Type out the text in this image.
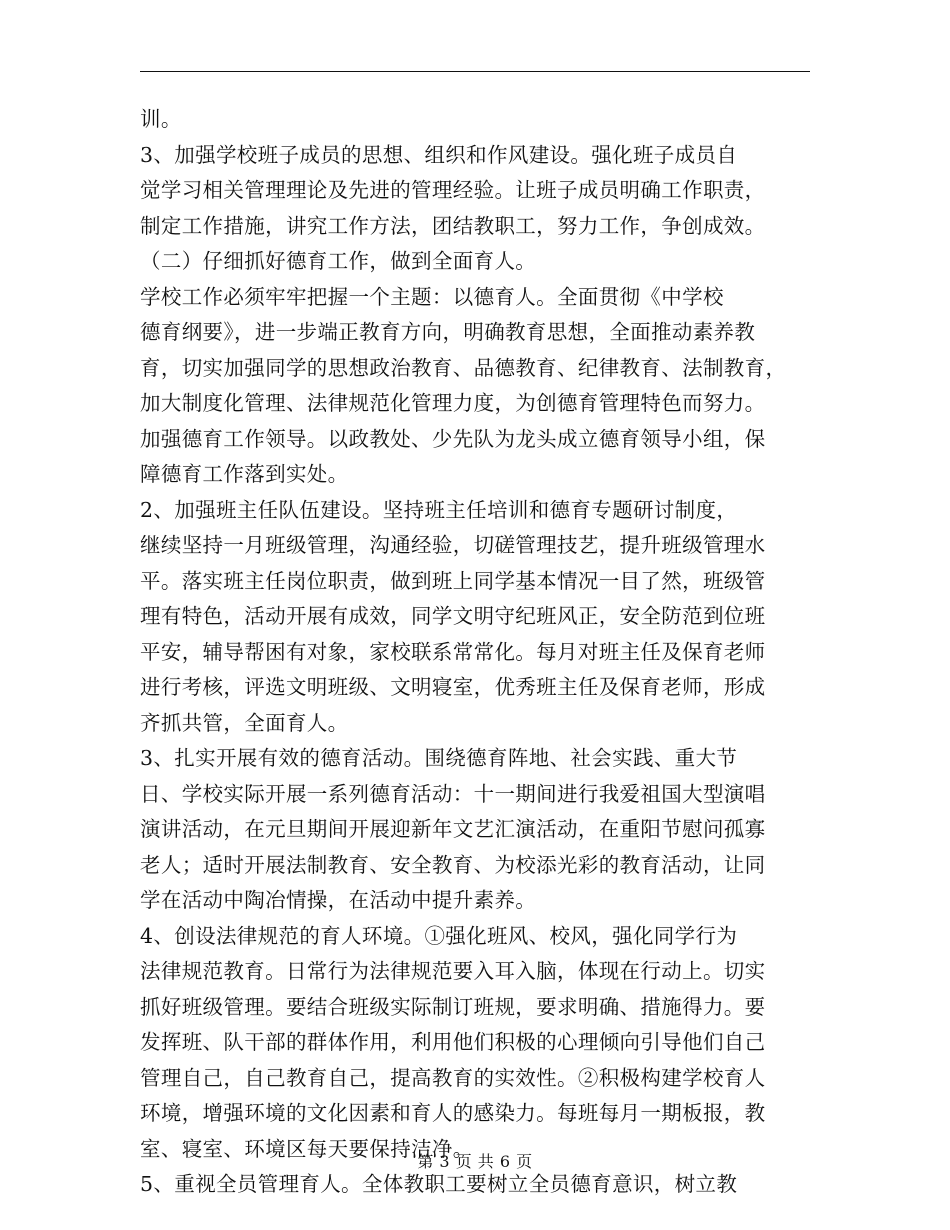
训。
3、加强学校班子成员的思想、组织和作风建设。强化班子成员自
觉学习相关管理理论及先进的管理经验。让班子成员明确工作职责，
制定工作措施，讲究工作方法，团结教职工，努力工作，争创成效。
（二）仔细抓好德育工作，做到全面育人。
学校工作必须牢牢把握一个主题：以德育人。全面贯彻《中学校
德育纲要》，进一步端正教育方向，明确教育思想，全面推动素养教
育，切实加强同学的思想政治教育、品德教育、纪律教育、法制教育，
加大制度化管理、法律规范化管理力度，为创德育管理特色而努力。
加强德育工作领导。以政教处、少先队为龙头成立德育领导小组，保
障德育工作落到实处。
2、加强班主任队伍建设。坚持班主任培训和德育专题研讨制度，
继续坚持一月班级管理，沟通经验，切磋管理技艺，提升班级管理水
平。落实班主任岗位职责，做到班上同学基本情况一目了然，班级管
理有特色，活动开展有成效，同学文明守纪班风正，安全防范到位班
平安，辅导帮困有对象，家校联系常常化。每月对班主任及保育老师
进行考核，评选文明班级、文明寝室，优秀班主任及保育老师，形成
齐抓共管，全面育人。
3、扎实开展有效的德育活动。围绕德育阵地、社会实践、重大节
日、学校实际开展一系列德育活动：十一期间进行我爱祖国大型演唱
演讲活动，在元旦期间开展迎新年文艺汇演活动，在重阳节慰问孤寡
老人；适时开展法制教育、安全教育、为校添光彩的教育活动，让同
学在活动中陶冶情操，在活动中提升素养。
4、创设法律规范的育人环境。①强化班风、校风，强化同学行为
法律规范教育。日常行为法律规范要入耳入脑，体现在行动上。切实
抓好班级管理。要结合班级实际制订班规，要求明确、措施得力。要
发挥班、队干部的群体作用，利用他们积极的心理倾向引导他们自己
管理自己，自己教育自己，提高教育的实效性。②积极构建学校育人
环境，增强环境的文化因素和育人的感染力。每班每月一期板报，教
室、寝室、环境区每天要保持洁净。
5、重视全员管理育人。全体教职工要树立全员德育意识，树立教
第 3 页 共 6 页
